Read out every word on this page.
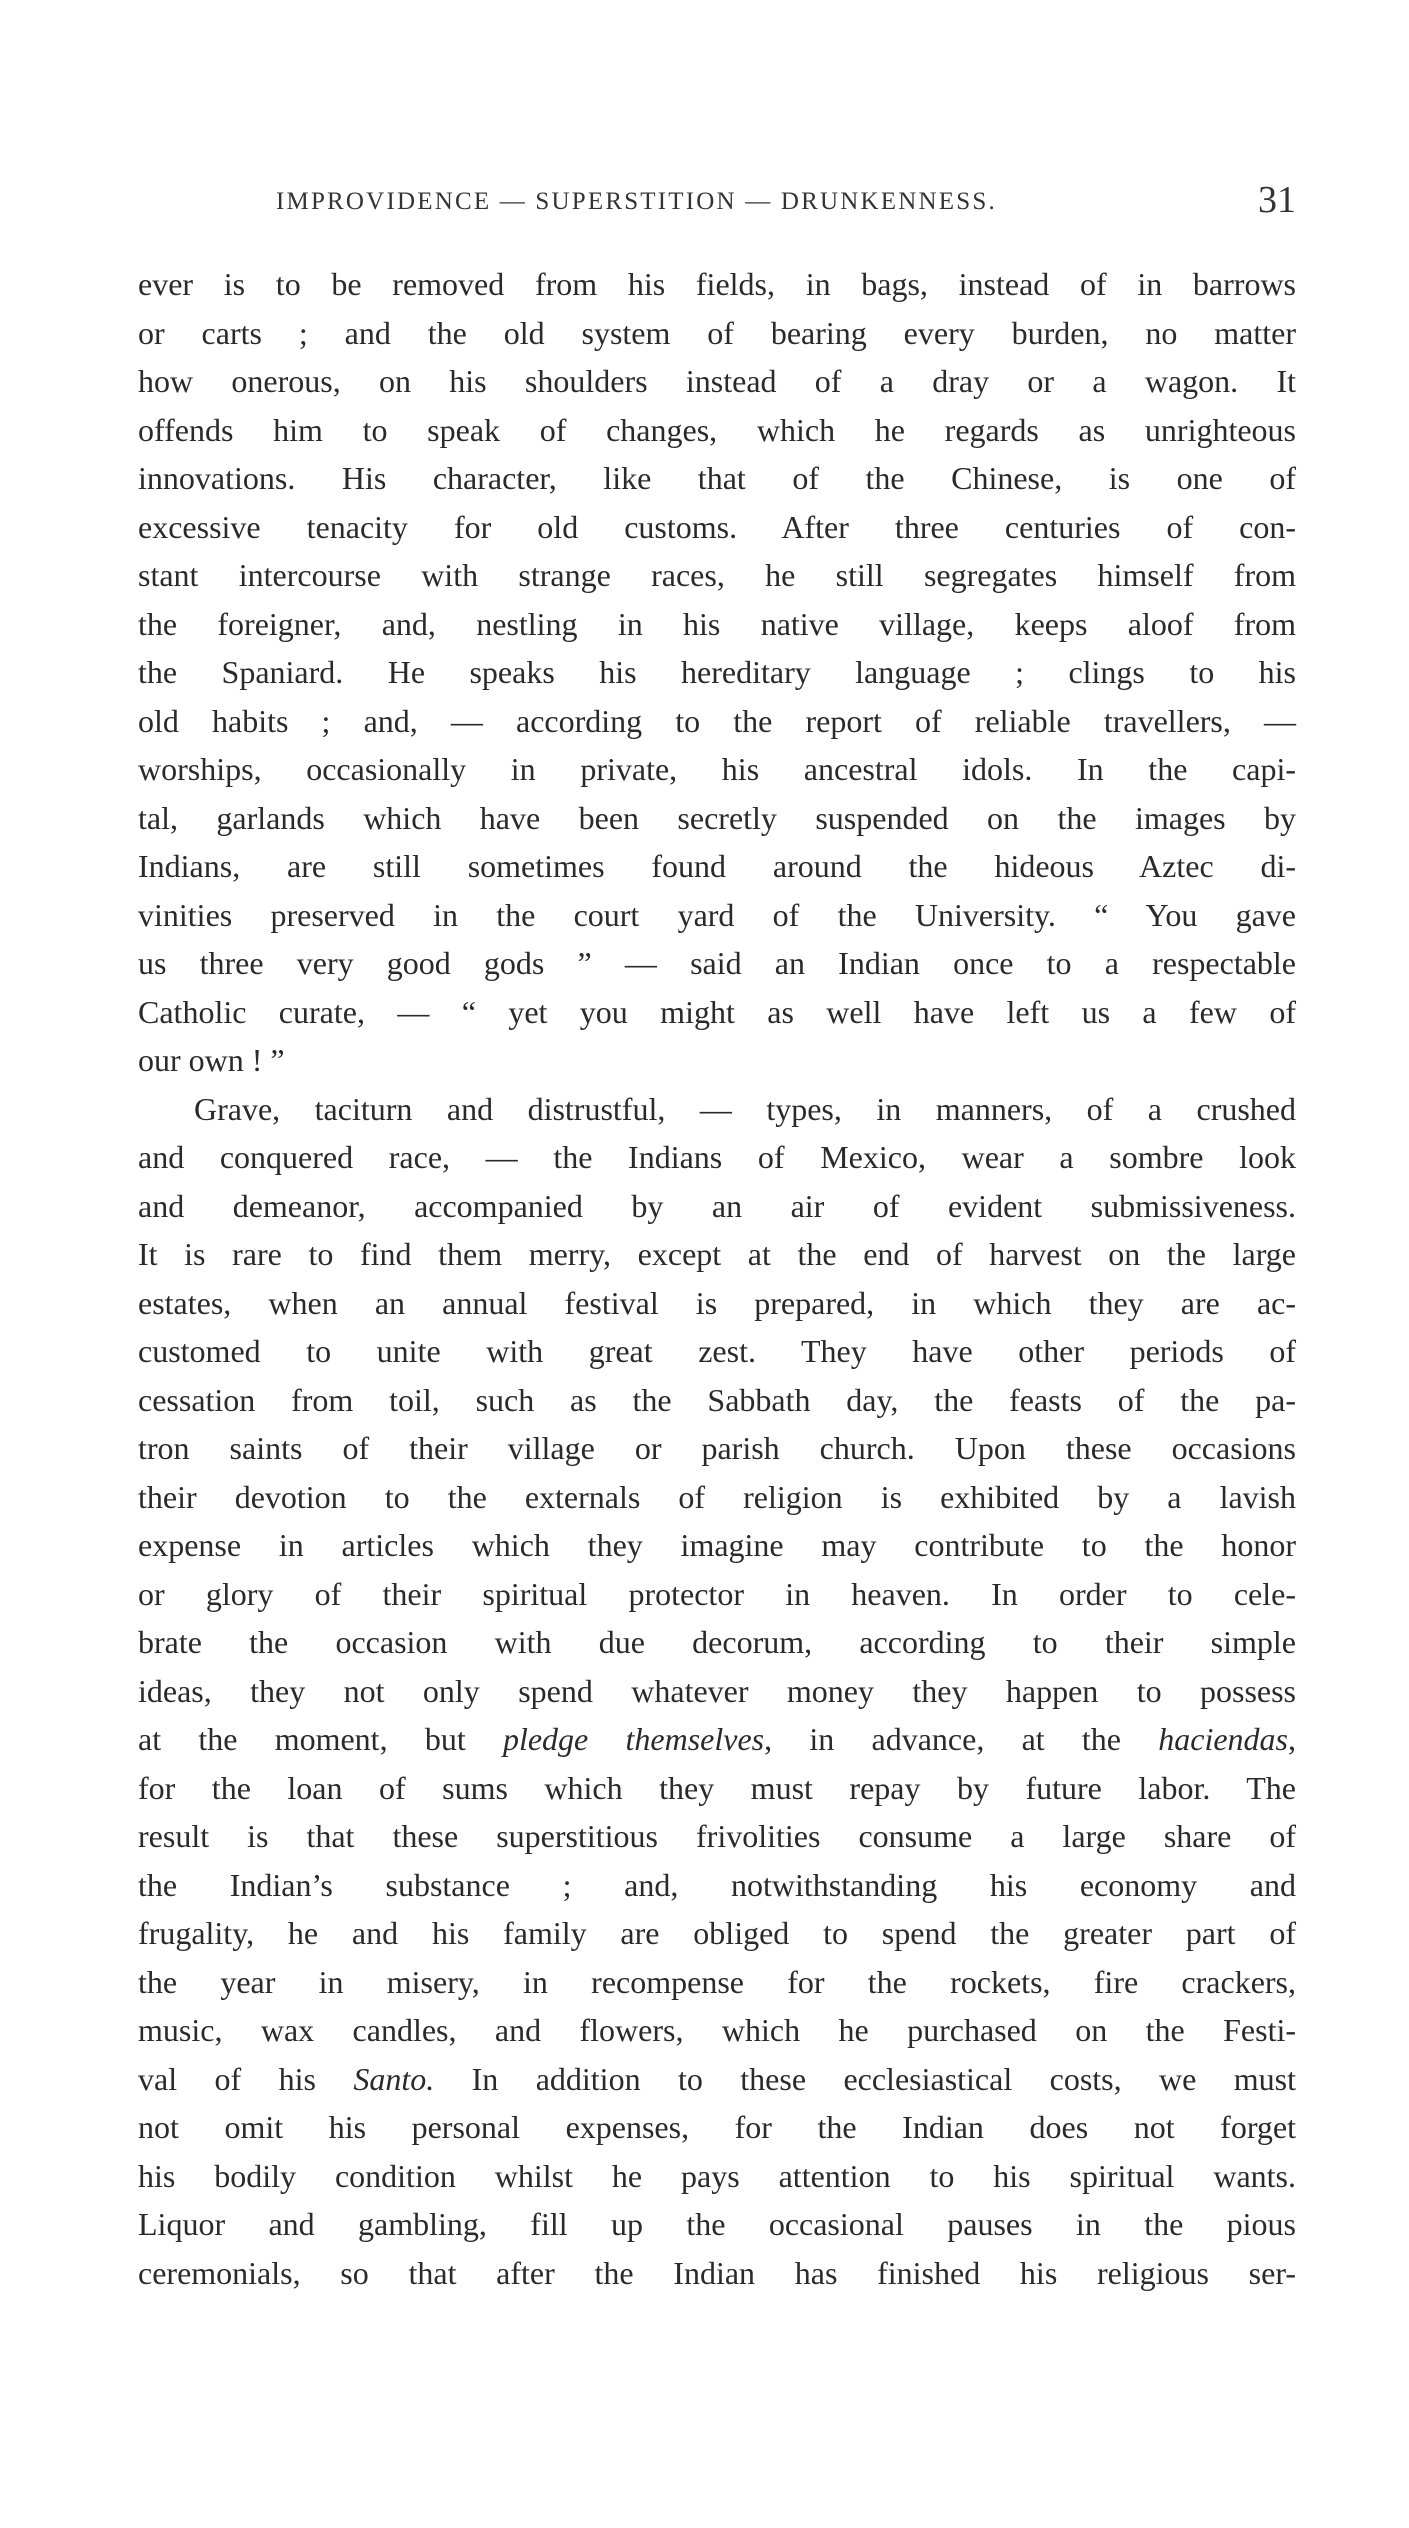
IMPROVIDENCE — SUPERSTITION — DRUNKENNESS.	31
ever is to be removed from his fields, in bags, instead of in barrows
or carts ; and the old system of bearing every burden, no matter
how onerous, on his shoulders instead of a dray or a wagon. It
offends him to speak of changes, which he regards as unrighteous
innovations. His character, like that of the Chinese, is one of
excessive tenacity for old customs. After three centuries of con-
stant intercourse with strange races, he still segregates himself from
the foreigner, and, nestling in his native village, keeps aloof from
the Spaniard. He speaks his hereditary language ; clings to his
old habits ; and, — according to the report of reliable travellers, —
worships, occasionally in private, his ancestral idols. In the capi-
tal, garlands which have been secretly suspended on the images by
Indians, are still sometimes found around the hideous Aztec di-
vinities preserved in the court yard of the University. “ You gave
us three very good gods ” — said an Indian once to a respectable
Catholic curate, — “ yet you might as well have left us a few of
our own ! ”
Grave, taciturn and distrustful, — types, in manners, of a crushed
and conquered race, — the Indians of Mexico, wear a sombre look
and demeanor, accompanied by an air of evident submissiveness.
It is rare to find them merry, except at the end of harvest on the large
estates, when an annual festival is prepared, in which they are ac-
customed to unite with great zest. They have other periods of
cessation from toil, such as the Sabbath day, the feasts of the pa-
tron saints of their village or parish church. Upon these occasions
their devotion to the externals of religion is exhibited by a lavish
expense in articles which they imagine may contribute to the honor
or glory of their spiritual protector in heaven. In order to cele-
brate the occasion with due decorum, according to their simple
ideas, they not only spend whatever money they happen to possess
at the moment, but pledge themselves, in advance, at the haciendas,
for the loan of sums which they must repay by future labor. The
result is that these superstitious frivolities consume a large share of
the Indian’s substance ; and, notwithstanding his economy and
frugality, he and his family are obliged to spend the greater part of
the year in misery, in recompense for the rockets, fire crackers,
music, wax candles, and flowers, which he purchased on the Festi-
val of his Santo. In addition to these ecclesiastical costs, we must
not omit his personal expenses, for the Indian does not forget
his bodily condition whilst he pays attention to his spiritual wants.
Liquor and gambling, fill up the occasional pauses in the pious
ceremonials, so that after the Indian has finished his religious ser-
